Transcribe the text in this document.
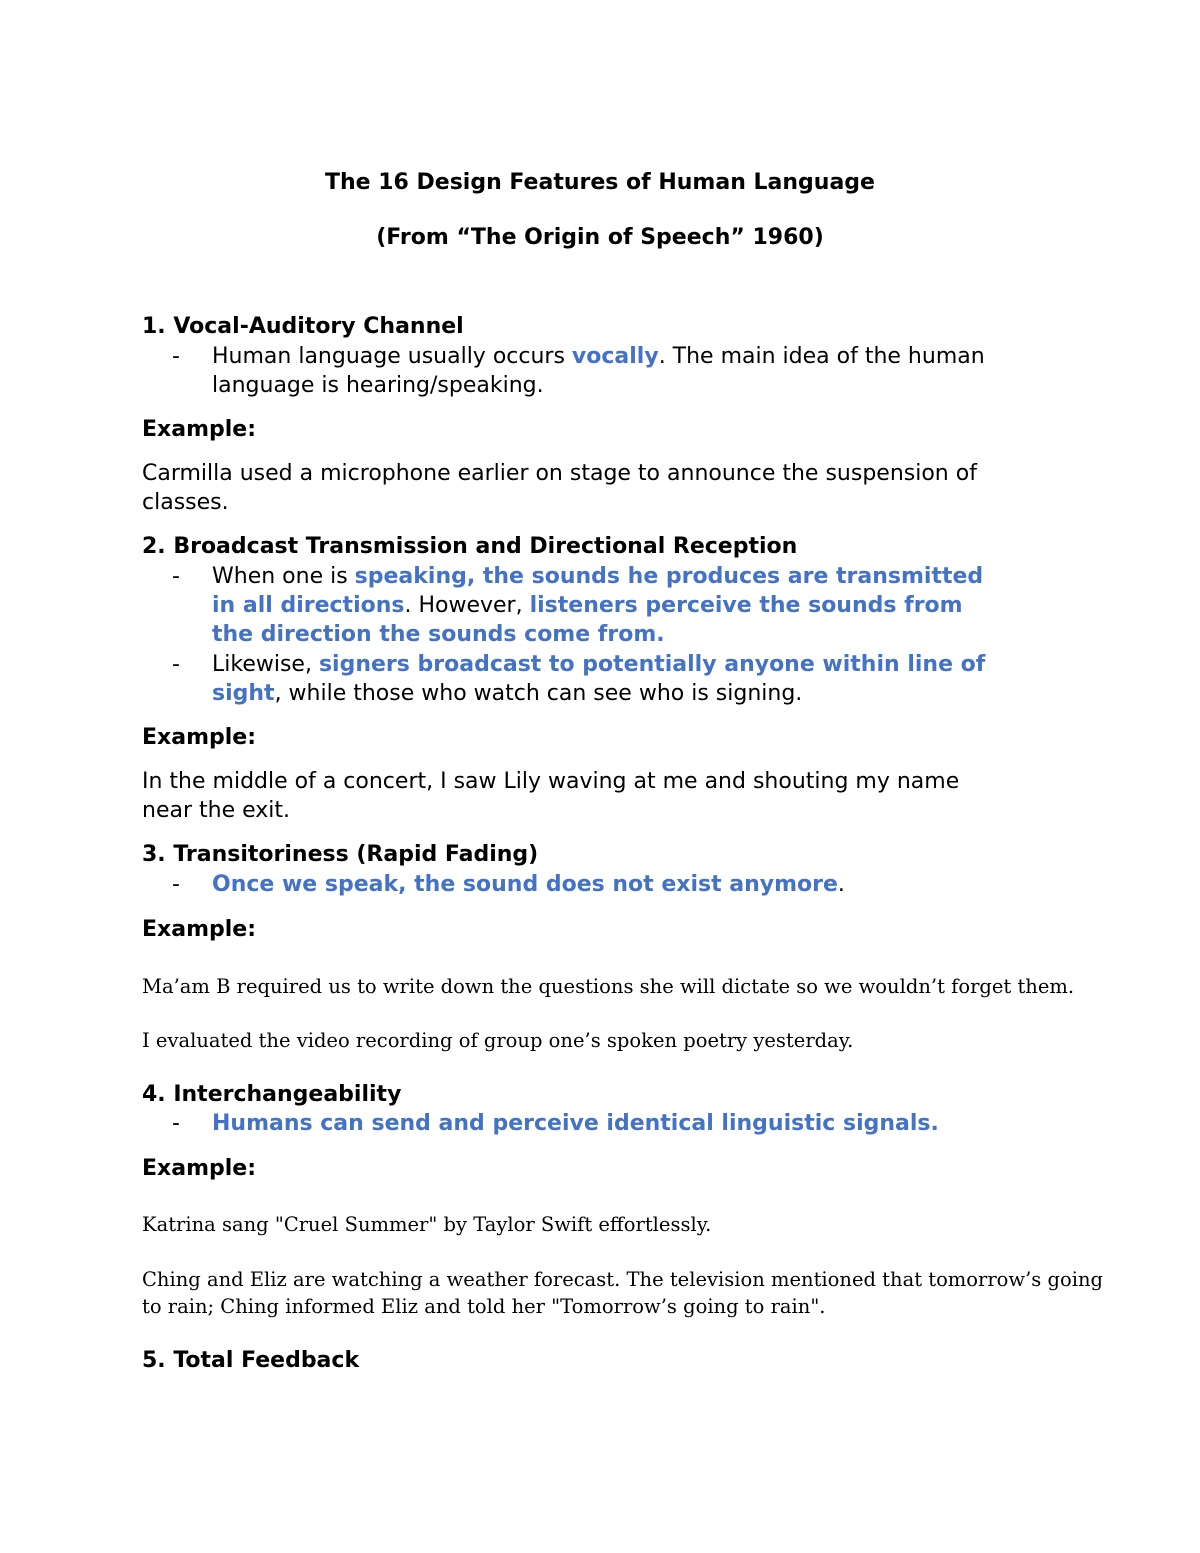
The 16 Design Features of Human Language

(From “The Origin of Speech” 1960)

1. Vocal-Auditory Channel

- Human language usually occurs vocally. The main idea of the human
language is hearing/speaking.

Example:

Carmilla used a microphone earlier on stage to announce the suspension of

classes.

2. Broadcast Transmission and Directional Reception

- When one is speaking, the sounds he produces are transmitted
in all directions. However, listeners perceive the sounds from
the direction the sounds come from.
- Likewise, signers broadcast to potentially anyone within line of
sight, while those who watch can see who is signing.

Example:

In the middle of a concert, I saw Lily waving at me and shouting my name

near the exit.

3. Transitoriness (Rapid Fading)

- Once we speak, the sound does not exist anymore.

Example:

Ma’am B required us to write down the questions she will dictate so we wouldn’t forget them.

I evaluated the video recording of group one’s spoken poetry yesterday.

4. Interchangeability

- Humans can send and perceive identical linguistic signals.

Example:

Katrina sang "Cruel Summer" by Taylor Swift effortlessly.

Ching and Eliz are watching a weather forecast. The television mentioned that tomorrow’s going

to rain; Ching informed Eliz and told her "Tomorrow’s going to rain".

5. Total Feedback
